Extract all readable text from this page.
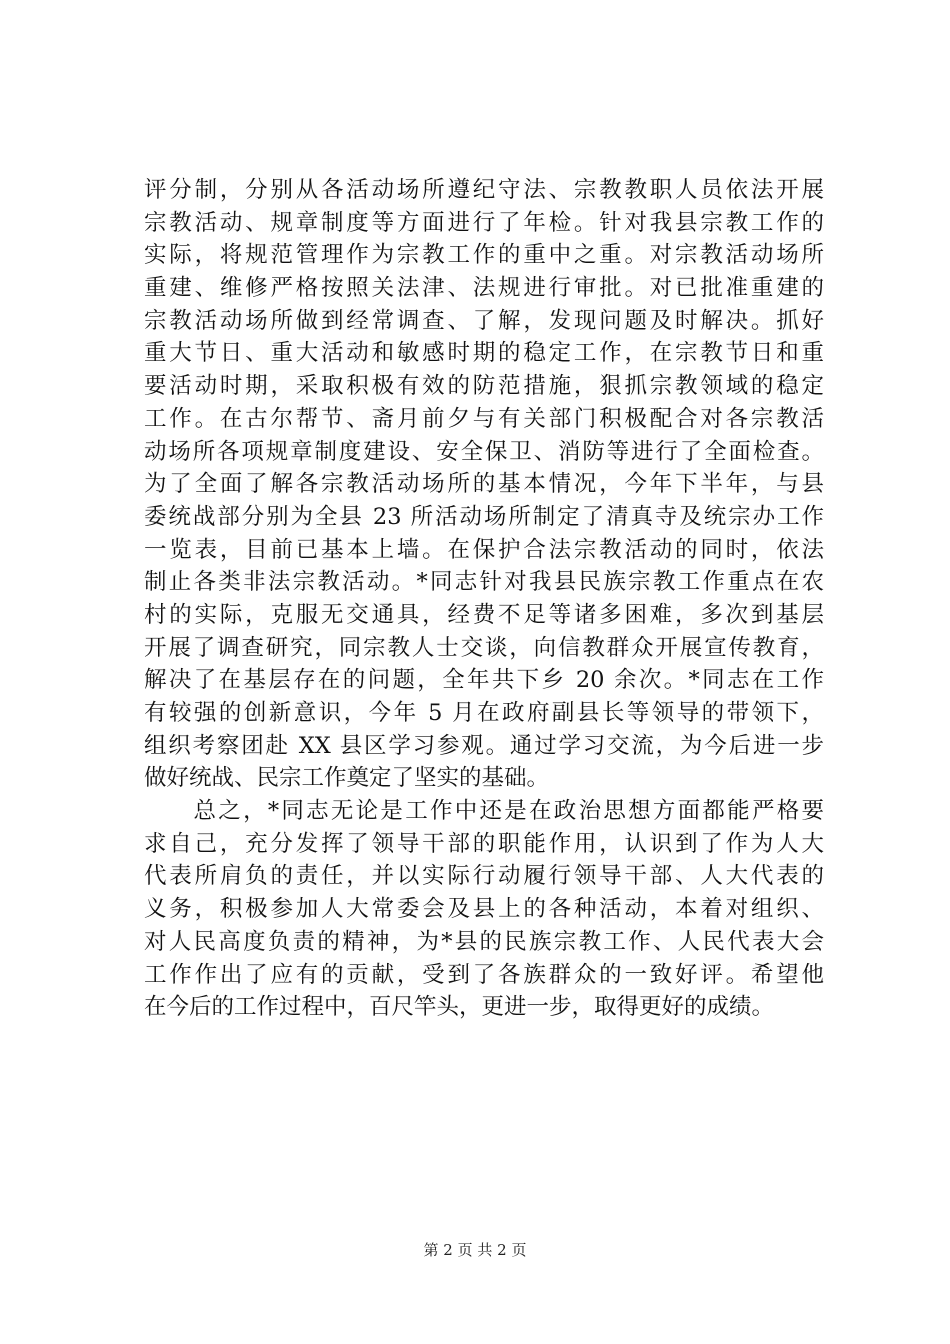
评分制，分别从各活动场所遵纪守法、宗教教职人员依法开展
宗教活动、规章制度等方面进行了年检。针对我县宗教工作的
实际，将规范管理作为宗教工作的重中之重。对宗教活动场所
重建、维修严格按照关法津、法规进行审批。对已批准重建的
宗教活动场所做到经常调查、了解，发现问题及时解决。抓好
重大节日、重大活动和敏感时期的稳定工作，在宗教节日和重
要活动时期，采取积极有效的防范措施，狠抓宗教领域的稳定
工作。在古尔帮节、斋月前夕与有关部门积极配合对各宗教活
动场所各项规章制度建设、安全保卫、消防等进行了全面检查。
为了全面了解各宗教活动场所的基本情况，今年下半年，与县
委统战部分别为全县 23 所活动场所制定了清真寺及统宗办工作
一览表，目前已基本上墙。在保护合法宗教活动的同时，依法
制止各类非法宗教活动。*同志针对我县民族宗教工作重点在农
村的实际，克服无交通具，经费不足等诸多困难，多次到基层
开展了调查研究，同宗教人士交谈，向信教群众开展宣传教育，
解决了在基层存在的问题，全年共下乡 20 余次。*同志在工作
有较强的创新意识，今年 5 月在政府副县长等领导的带领下，
组织考察团赴 XX 县区学习参观。通过学习交流，为今后进一步
做好统战、民宗工作奠定了坚实的基础。
　　总之，*同志无论是工作中还是在政治思想方面都能严格要
求自己，充分发挥了领导干部的职能作用，认识到了作为人大
代表所肩负的责任，并以实际行动履行领导干部、人大代表的
义务，积极参加人大常委会及县上的各种活动，本着对组织、
对人民高度负责的精神，为*县的民族宗教工作、人民代表大会
工作作出了应有的贡献，受到了各族群众的一致好评。希望他
在今后的工作过程中，百尺竿头，更进一步，取得更好的成绩。
第 2 页 共 2 页
